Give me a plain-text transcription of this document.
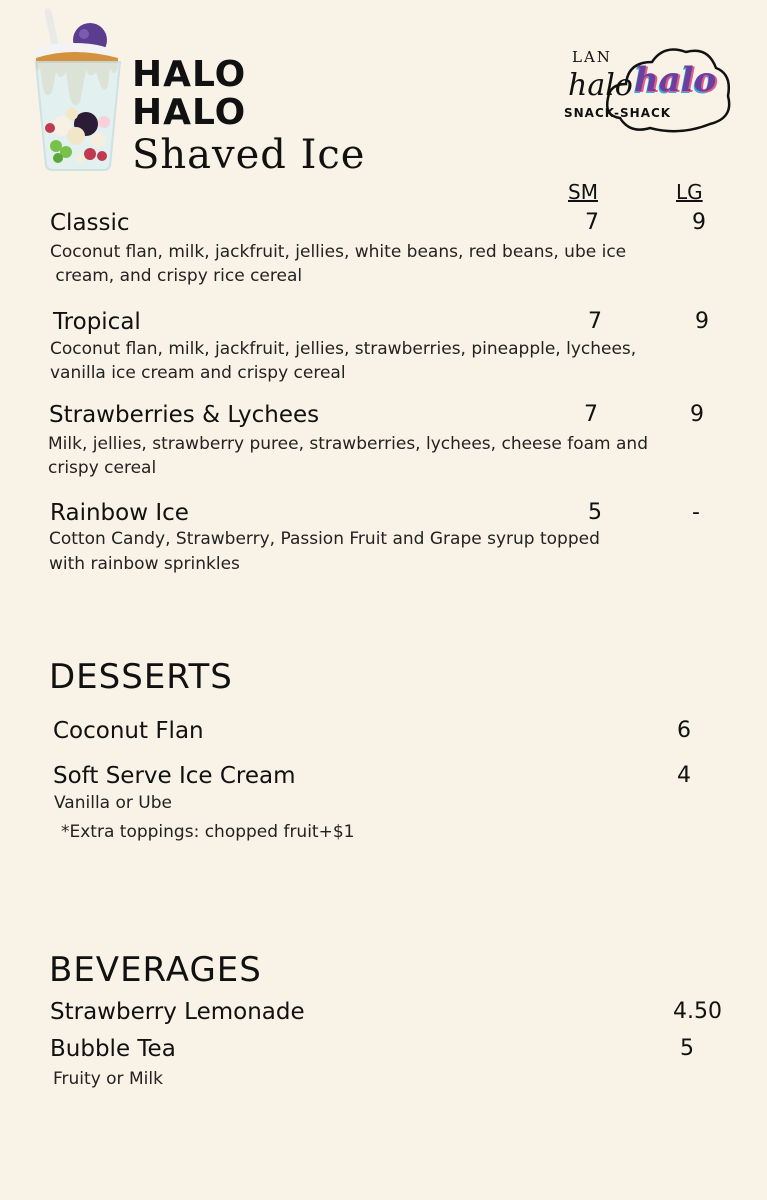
HALO
HALO
Shaved Ice
LAN
halo halo
SNACK-SHACK
SM	LG
Classic	7	9
Coconut flan, milk, jackfruit, jellies, white beans, red beans, ube ice
cream, and crispy rice cereal
Tropical	7	9
Coconut flan, milk, jackfruit, jellies, strawberries, pineapple, lychees,
vanilla ice cream and crispy cereal
Strawberries & Lychees	7	9
Milk, jellies, strawberry puree, strawberries, lychees, cheese foam and
crispy cereal
Rainbow Ice	5	-
Cotton Candy, Strawberry, Passion Fruit and Grape syrup topped
with rainbow sprinkles
DESSERTS
Coconut Flan	6
Soft Serve Ice Cream	4
Vanilla or Ube
*Extra toppings: chopped fruit+$1
BEVERAGES
Strawberry Lemonade	4.50
Bubble Tea	5
Fruity or Milk
